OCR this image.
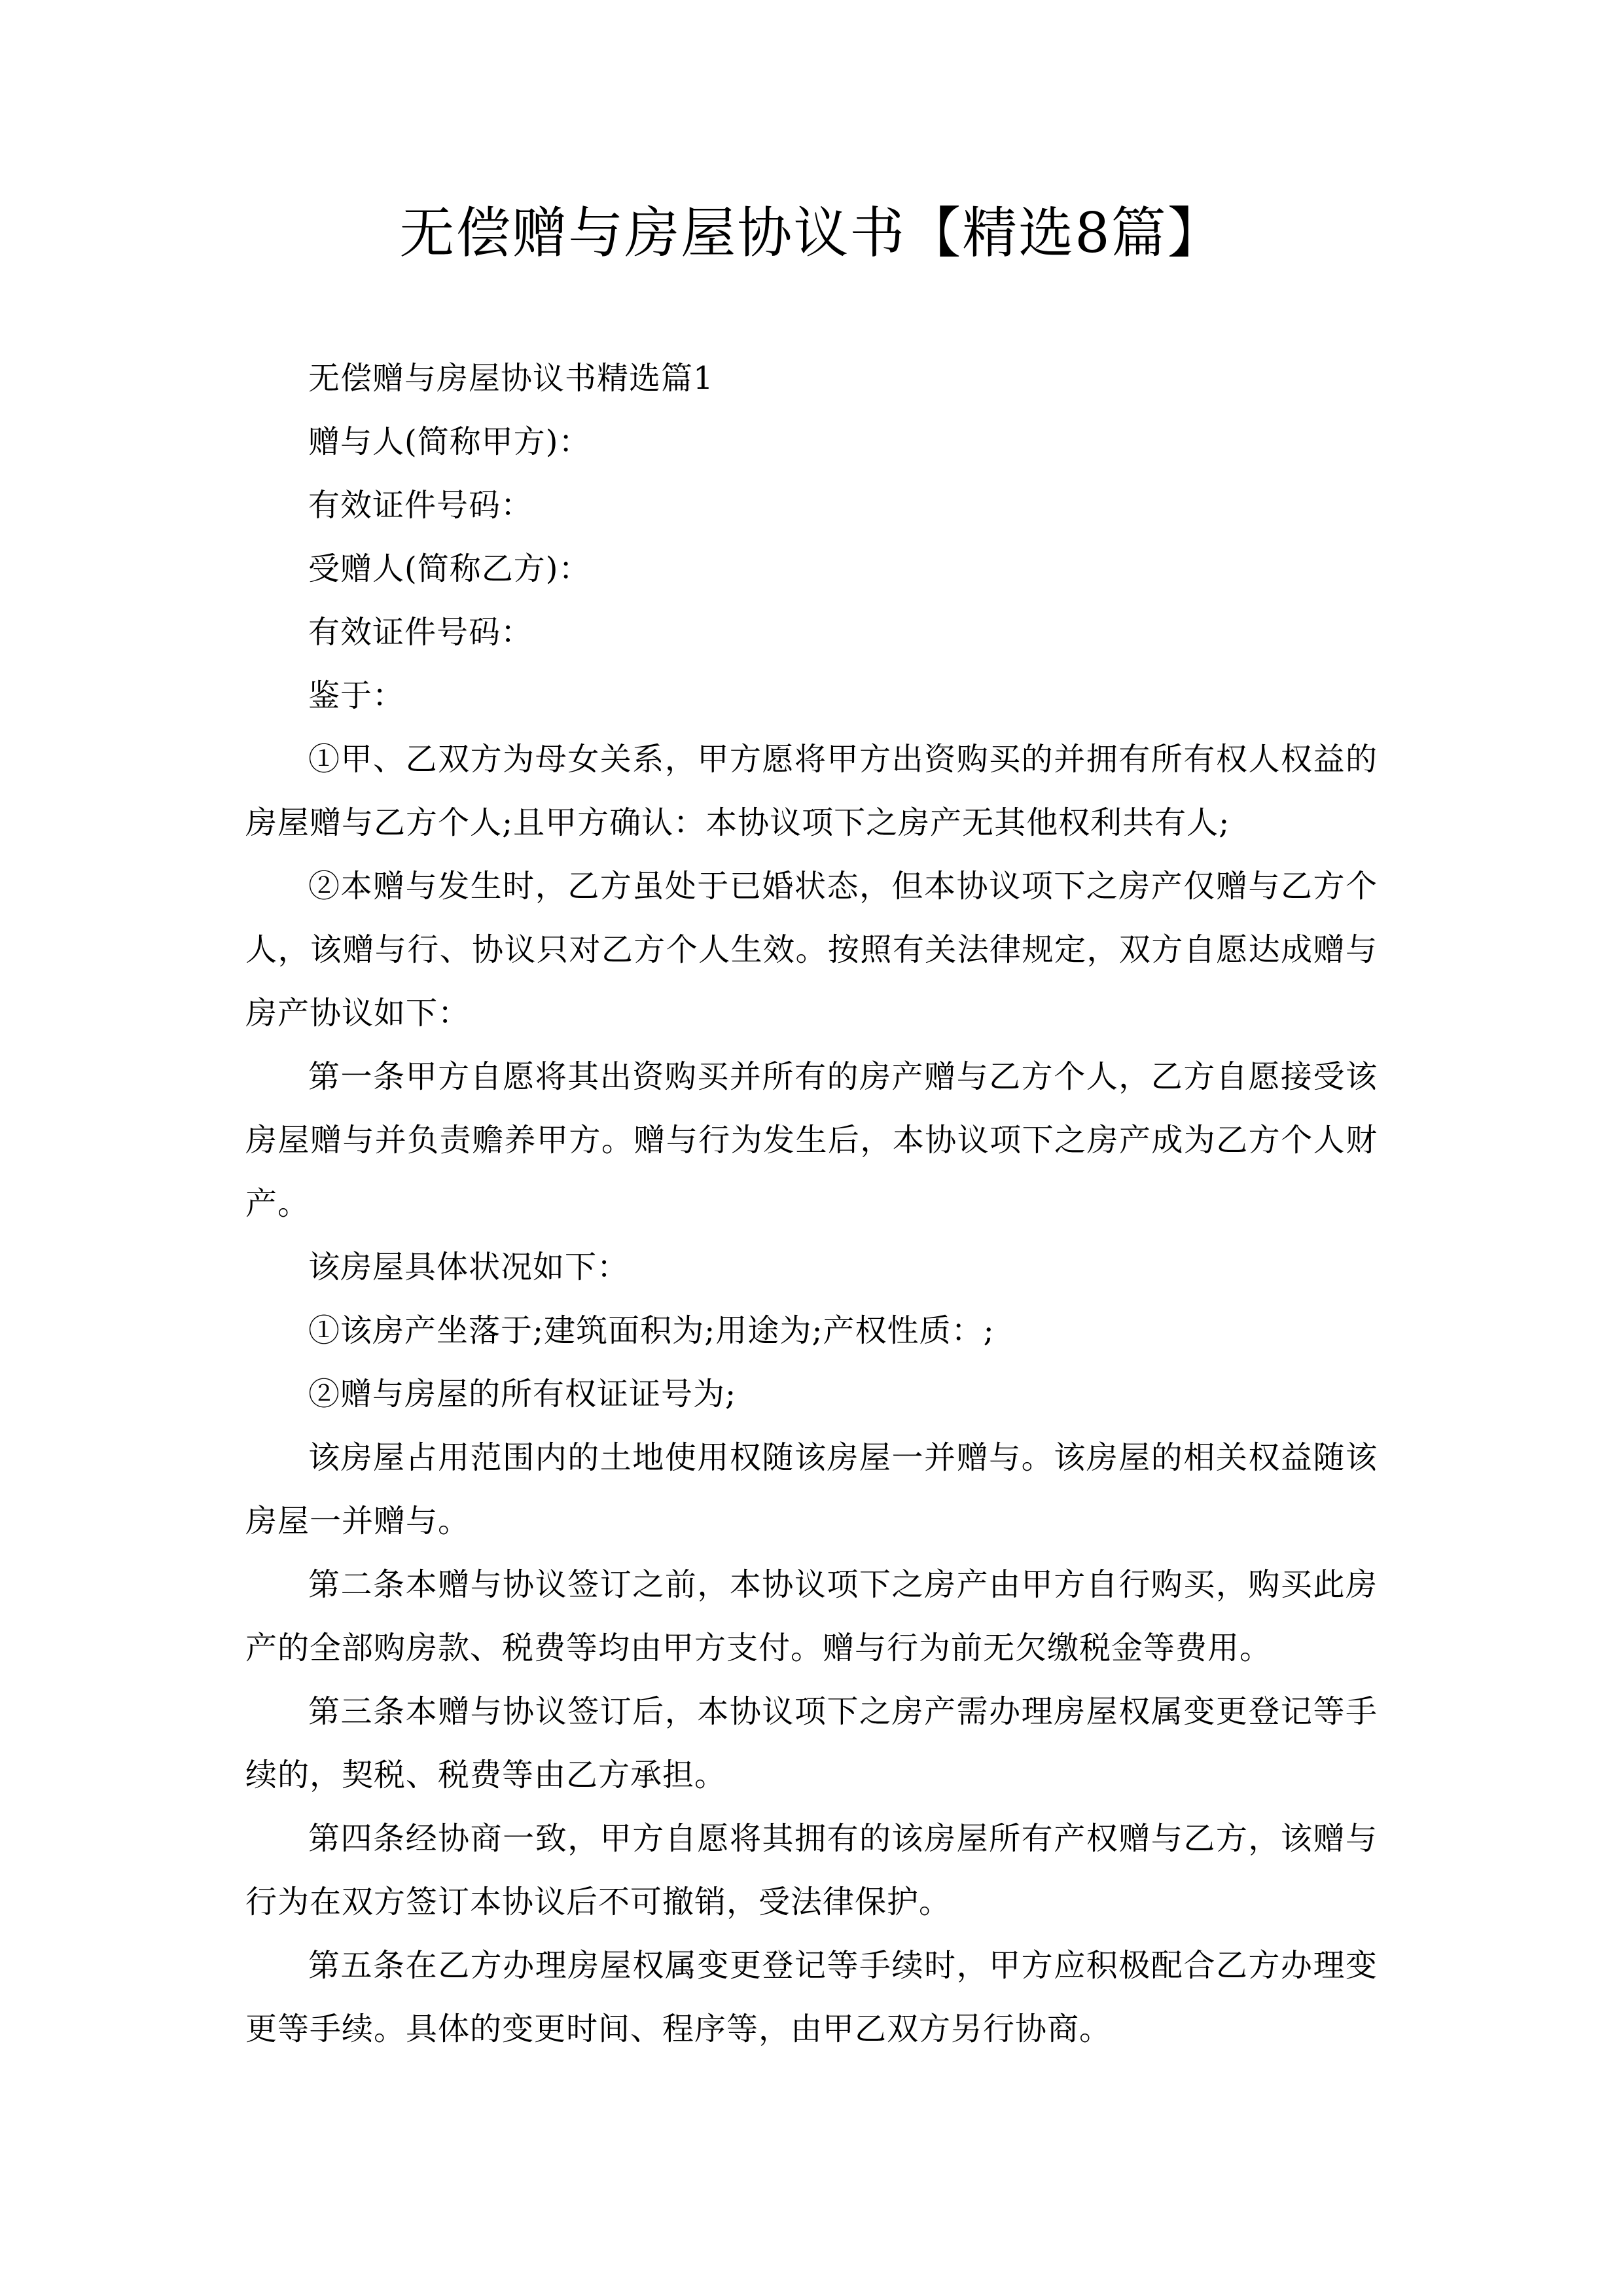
无偿赠与房屋协议书【精选8篇】

无偿赠与房屋协议书精选篇1

赠与人(简称甲方)：

有效证件号码：

受赠人(简称乙方)：

有效证件号码：

鉴于：

①甲、乙双方为母女关系，甲方愿将甲方出资购买的并拥有所有权人权益的房屋赠与乙方个人;且甲方确认：本协议项下之房产无其他权利共有人;

②本赠与发生时，乙方虽处于已婚状态，但本协议项下之房产仅赠与乙方个人，该赠与行、协议只对乙方个人生效。按照有关法律规定，双方自愿达成赠与房产协议如下：

第一条甲方自愿将其出资购买并所有的房产赠与乙方个人，乙方自愿接受该房屋赠与并负责赡养甲方。赠与行为发生后，本协议项下之房产成为乙方个人财产。

该房屋具体状况如下：

①该房产坐落于;建筑面积为;用途为;产权性质：;

②赠与房屋的所有权证证号为;

该房屋占用范围内的土地使用权随该房屋一并赠与。该房屋的相关权益随该房屋一并赠与。

第二条本赠与协议签订之前，本协议项下之房产由甲方自行购买，购买此房产的全部购房款、税费等均由甲方支付。赠与行为前无欠缴税金等费用。

第三条本赠与协议签订后，本协议项下之房产需办理房屋权属变更登记等手续的，契税、税费等由乙方承担。

第四条经协商一致，甲方自愿将其拥有的该房屋所有产权赠与乙方，该赠与行为在双方签订本协议后不可撤销，受法律保护。

第五条在乙方办理房屋权属变更登记等手续时，甲方应积极配合乙方办理变更等手续。具体的变更时间、程序等，由甲乙双方另行协商。
